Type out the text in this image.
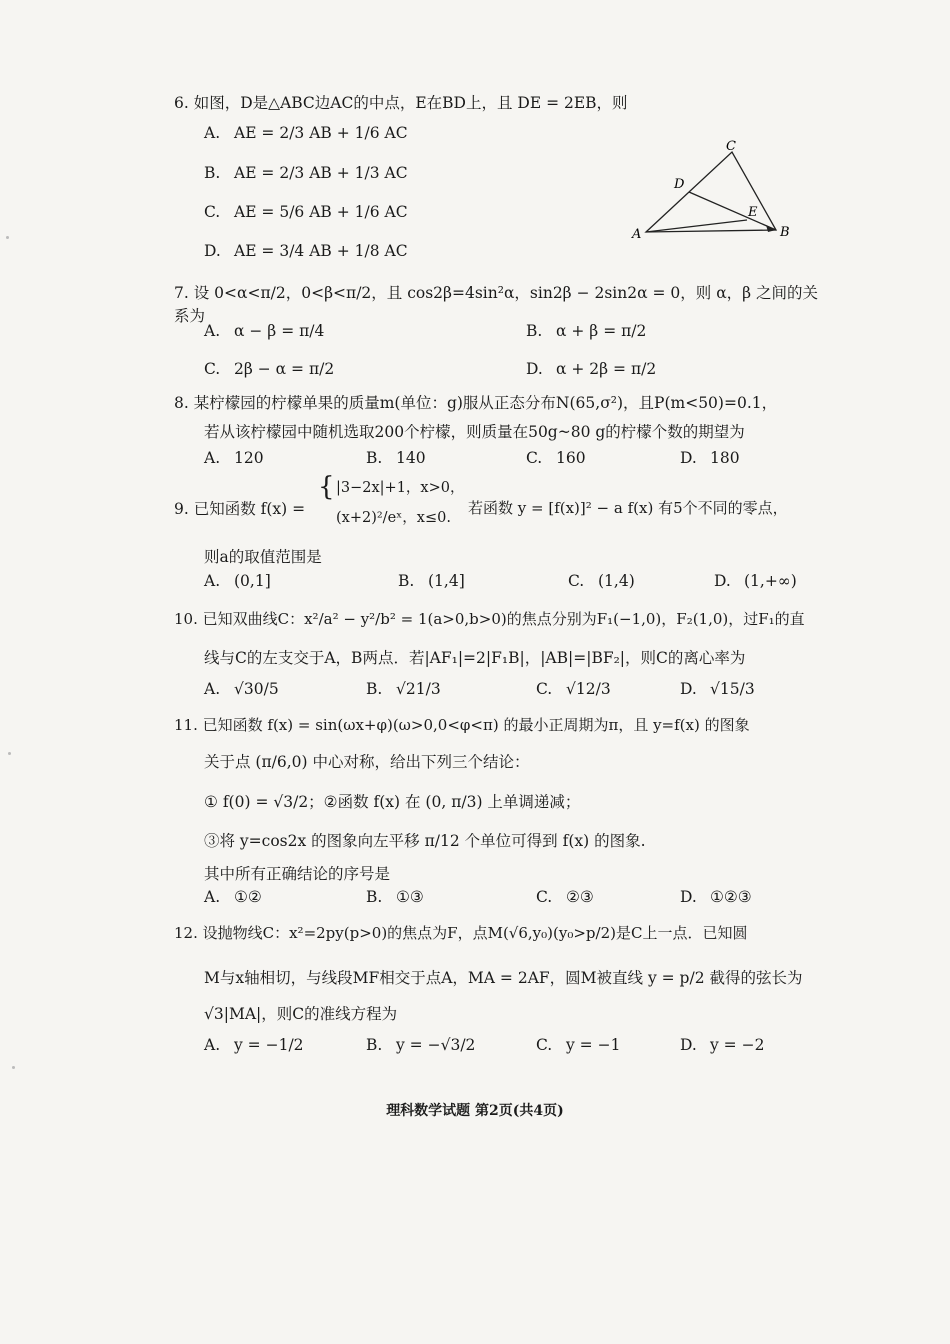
6. 如图，D是△ABC边AC的中点，E在BD上，且 DE = 2EB，则
A. AE = 2/3 AB + 1/6 AC
B. AE = 2/3 AB + 1/3 AC
C. AE = 5/6 AB + 1/6 AC
D. AE = 3/4 AB + 1/8 AC
C
D
E
A	B
7. 设 0<α<π/2，0<β<π/2，且 cos2β=4sin²α，sin2β − 2sin2α = 0，则 α，β 之间的关系为
A. α − β = π/4	B. α + β = π/2
C. 2β − α = π/2	D. α + 2β = π/2
8. 某柠檬园的柠檬单果的质量m(单位：g)服从正态分布N(65,σ²)，且P(m<50)=0.1，
若从该柠檬园中随机选取200个柠檬，则质量在50g~80 g的柠檬个数的期望为
A. 120	B. 140	C. 160	D. 180
9. 已知函数 f(x) =
{ |3−2x|+1，x>0，
(x+2)²/eˣ，x≤0.
若函数 y = [f(x)]² − a f(x) 有5个不同的零点，
则a的取值范围是
A. (0,1]	B. (1,4]	C. (1,4)	D. (1,+∞)
10. 已知双曲线C：x²/a² − y²/b² = 1(a>0,b>0)的焦点分别为F₁(−1,0)，F₂(1,0)，过F₁的直
线与C的左支交于A，B两点．若|AF₁|=2|F₁B|，|AB|=|BF₂|，则C的离心率为
A. √30/5	B. √21/3	C. √12/3	D. √15/3
11. 已知函数 f(x) = sin(ωx+φ)(ω>0,0<φ<π) 的最小正周期为π，且 y=f(x) 的图象
关于点 (π/6,0) 中心对称，给出下列三个结论：
① f(0) = √3/2；②函数 f(x) 在 (0, π/3) 上单调递减；
③将 y=cos2x 的图象向左平移 π/12 个单位可得到 f(x) 的图象.
其中所有正确结论的序号是
A. ①②	B. ①③	C. ②③	D. ①②③
12. 设抛物线C：x²=2py(p>0)的焦点为F，点M(√6,y₀)(y₀>p/2)是C上一点．已知圆
M与x轴相切，与线段MF相交于点A，MA = 2AF，圆M被直线 y = p/2 截得的弦长为
√3|MA|，则C的准线方程为
A. y = −1/2	B. y = −√3/2	C. y = −1	D. y = −2
理科数学试题 第2页(共4页)
